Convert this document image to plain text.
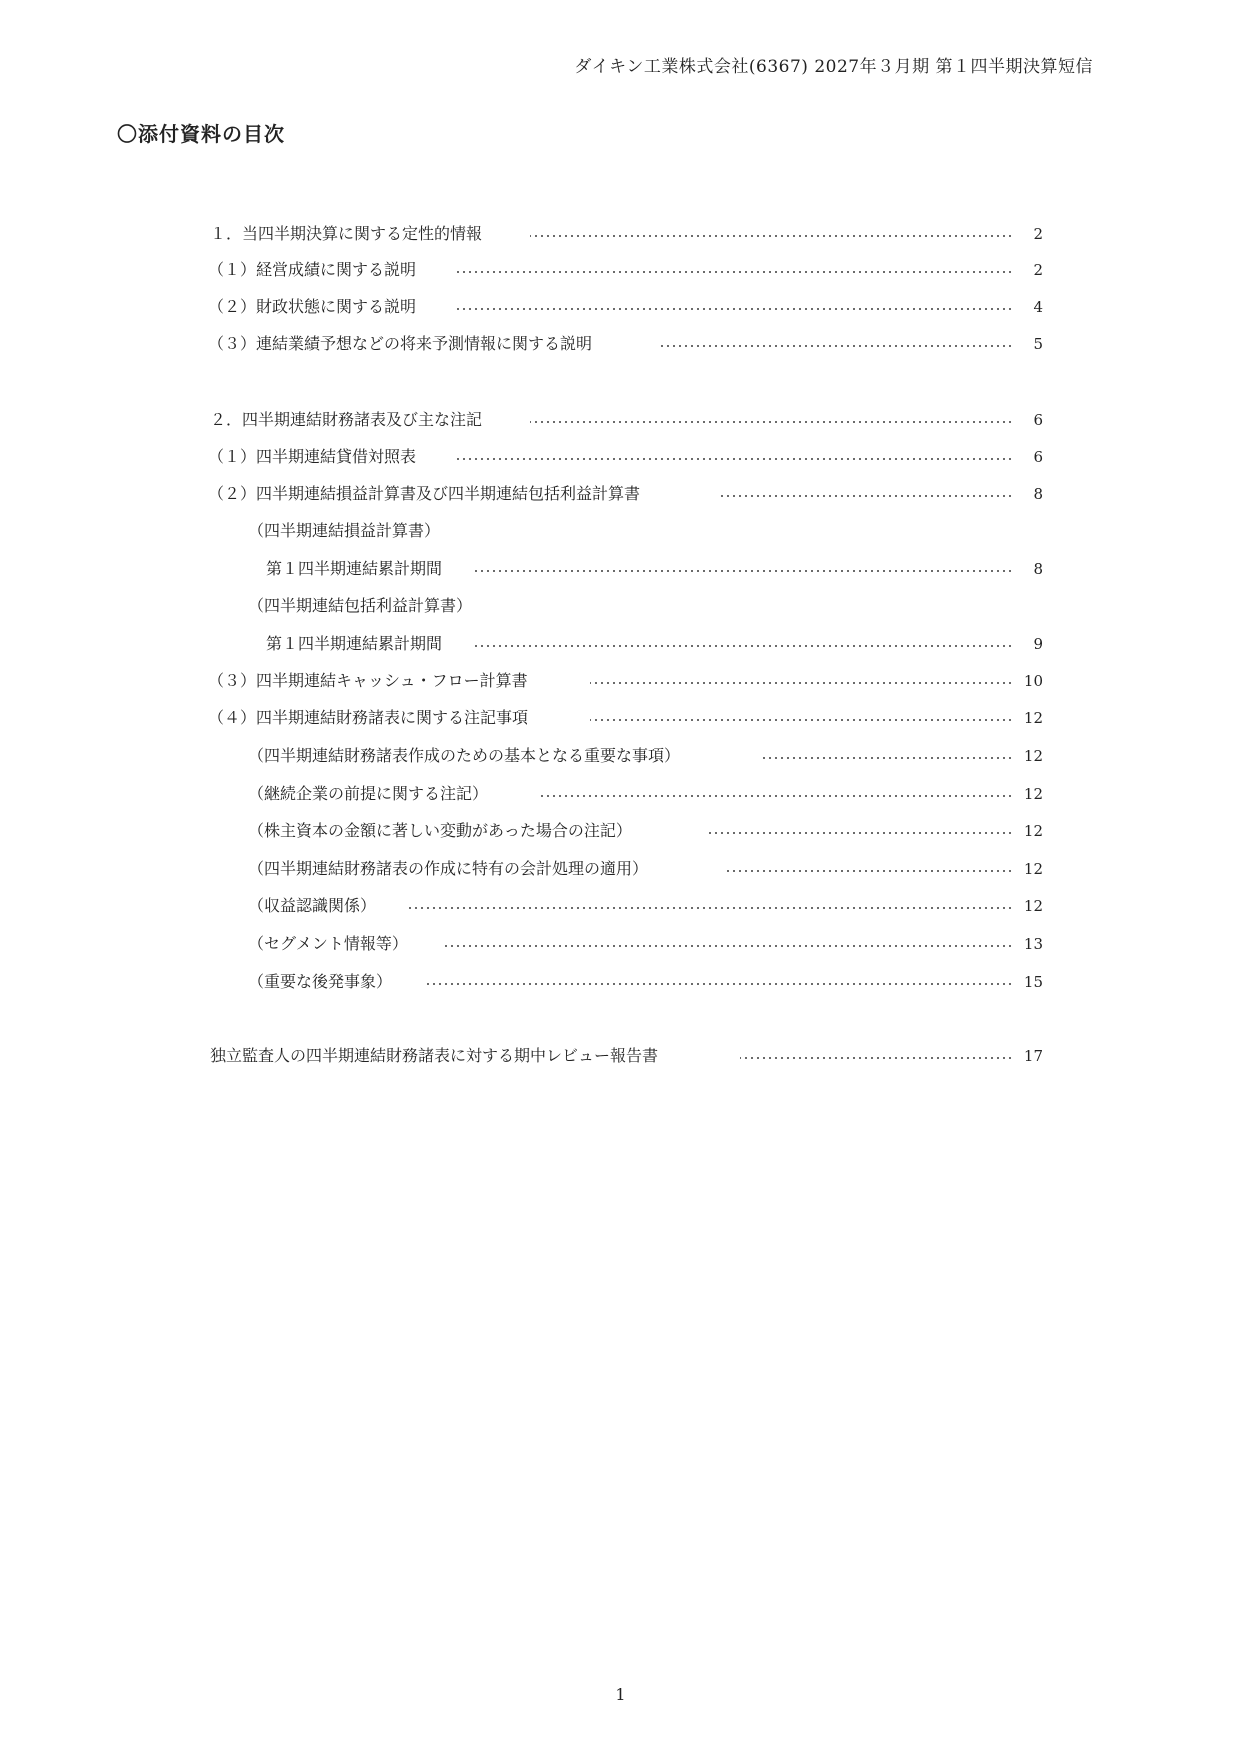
ダイキン工業株式会社(6367) 2027年３月期 第１四半期決算短信
〇添付資料の目次
１．当四半期決算に関する定性的情報	2
（１）経営成績に関する説明	2
（２）財政状態に関する説明	4
（３）連結業績予想などの将来予測情報に関する説明	5
２．四半期連結財務諸表及び主な注記	6
（１）四半期連結貸借対照表	6
（２）四半期連結損益計算書及び四半期連結包括利益計算書	8
（四半期連結損益計算書）
第１四半期連結累計期間	8
（四半期連結包括利益計算書）
第１四半期連結累計期間	9
（３）四半期連結キャッシュ・フロー計算書	10
（４）四半期連結財務諸表に関する注記事項	12
（四半期連結財務諸表作成のための基本となる重要な事項）	12
（継続企業の前提に関する注記）	12
（株主資本の金額に著しい変動があった場合の注記）	12
（四半期連結財務諸表の作成に特有の会計処理の適用）	12
（収益認識関係）	12
（セグメント情報等）	13
（重要な後発事象）	15
独立監査人の四半期連結財務諸表に対する期中レビュー報告書	17
1
